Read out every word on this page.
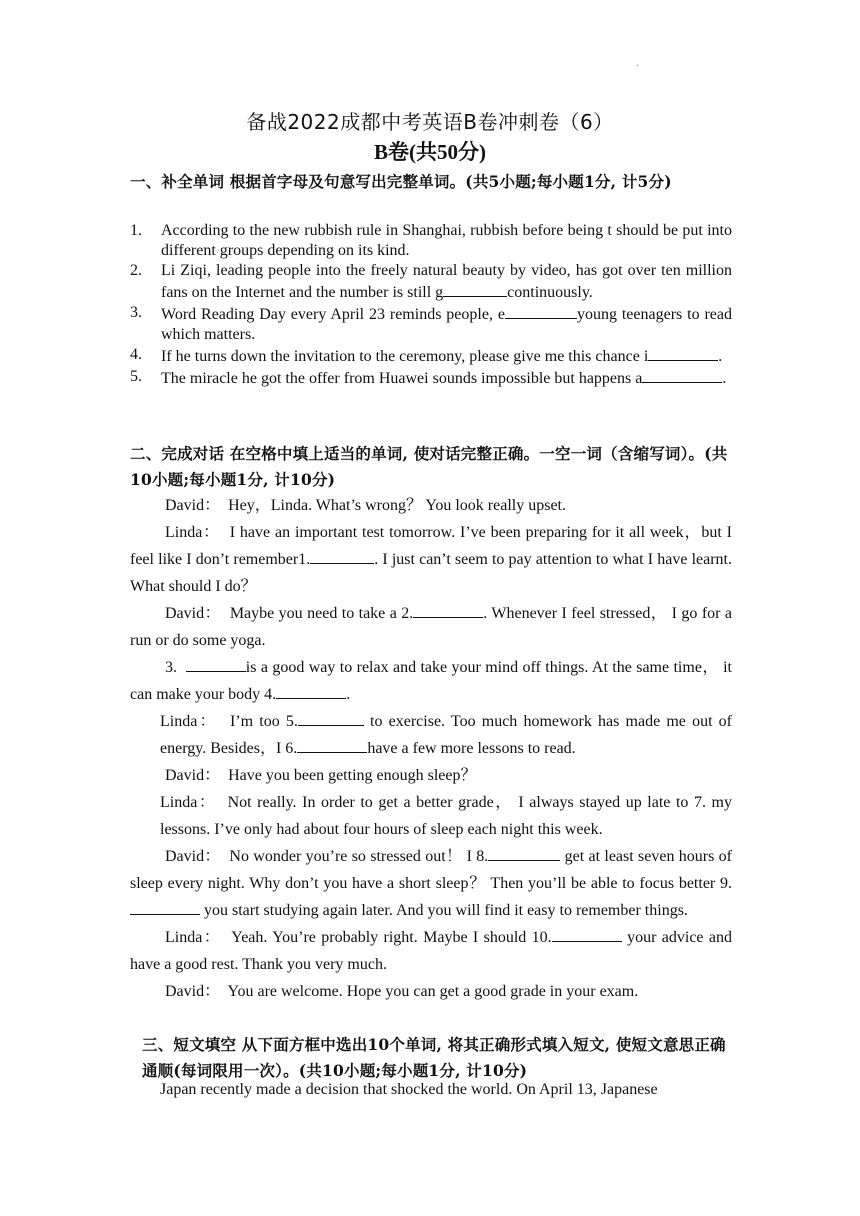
.
备战2022成都中考英语B卷冲刺卷（6）
B卷(共50分)
一、补全单词 根据首字母及句意写出完整单词。(共5小题;每小题1分, 计5分)
1. According to the new rubbish rule in Shanghai, rubbish before being t should be put into different groups depending on its kind.
2. Li Ziqi, leading people into the freely natural beauty by video, has got over ten million fans on the Internet and the number is still g	continuously.
3. Word Reading Day every April 23 reminds people, e	young teenagers to read which matters.
4. If he turns down the invitation to the ceremony, please give me this chance i	.
5. The miracle he got the offer from Huawei sounds impossible but happens a	.
二、完成对话 在空格中填上适当的单词, 使对话完整正确。一空一词（含缩写词）。(共10小题;每小题1分, 计10分)

David： Hey，Linda. What’s wrong？ You look really upset.

Linda： I have an important test tomorrow. I’ve been preparing for it all week，but I feel like I don’t remember1.	. I just can’t seem to pay attention to what I have learnt. What should I do？

David： Maybe you need to take a 2.	. Whenever I feel stressed， I go for a run or do some yoga.

3.	is a good way to relax and take your mind off things. At the same time， it can make your body 4.	.

Linda： I’m too 5.	to exercise. Too much homework has made me out of energy. Besides，I 6.	have a few more lessons to read.

David： Have you been getting enough sleep？

Linda： Not really. In order to get a better grade， I always stayed up late to 7. my lessons. I’ve only had about four hours of sleep each night this week.

David： No wonder you’re so stressed out！ I 8.	get at least seven hours of sleep every night. Why don’t you have a short sleep？ Then you’ll be able to focus better 9. you start studying again later. And you will find it easy to remember things.

Linda： Yeah. You’re probably right. Maybe I should 10.	your advice and have a good rest. Thank you very much.

David： You are welcome. Hope you can get a good grade in your exam.

三、短文填空 从下面方框中选出10个单词, 将其正确形式填入短文, 使短文意思正确通顺(每词限用一次）。(共10小题;每小题1分, 计10分)

Japan recently made a decision that shocked the world. On April 13, Japanese
